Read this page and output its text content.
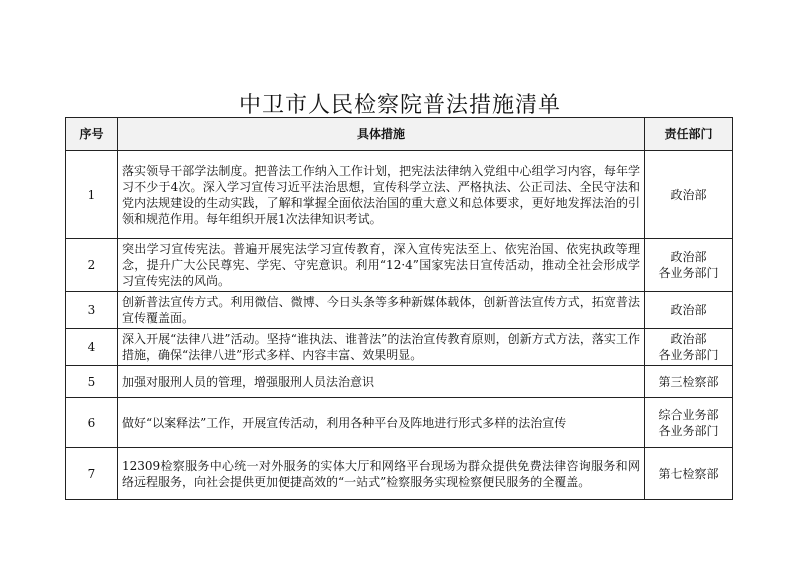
中卫市人民检察院普法措施清单
序号	具体措施	责任部门
1	落实领导干部学法制度。把普法工作纳入工作计划，把宪法法律纳入党组中心组学习内容，每年学习不少于4次。深入学习宣传习近平法治思想，宣传科学立法、严格执法、公正司法、全民守法和党内法规建设的生动实践，了解和掌握全面依法治国的重大意义和总体要求，更好地发挥法治的引领和规范作用。每年组织开展1次法律知识考试。	政治部

2	突出学习宣传宪法。普遍开展宪法学习宣传教育，深入宣传宪法至上、依宪治国、依宪执政等理念，提升广大公民尊宪、学宪、守宪意识。利用“12·4”国家宪法日宣传活动，推动全社会形成学习宣传宪法的风尚。	政治部
各业务部门

3	创新普法宣传方式。利用微信、微博、今日头条等多种新媒体载体，创新普法宣传方式，拓宽普法宣传覆盖面。	政治部

4	深入开展“法律八进”活动。坚持“谁执法、谁普法”的法治宣传教育原则，创新方式方法，落实工作措施，确保“法律八进”形式多样、内容丰富、效果明显。	政治部
各业务部门

5	加强对服刑人员的管理，增强服刑人员法治意识	第三检察部

6	做好“以案释法”工作，开展宣传活动，利用各种平台及阵地进行形式多样的法治宣传	综合业务部
各业务部门

7	12309检察服务中心统一对外服务的实体大厅和网络平台现场为群众提供免费法律咨询服务和网络远程服务，向社会提供更加便捷高效的“一站式”检察服务实现检察便民服务的全覆盖。	第七检察部
